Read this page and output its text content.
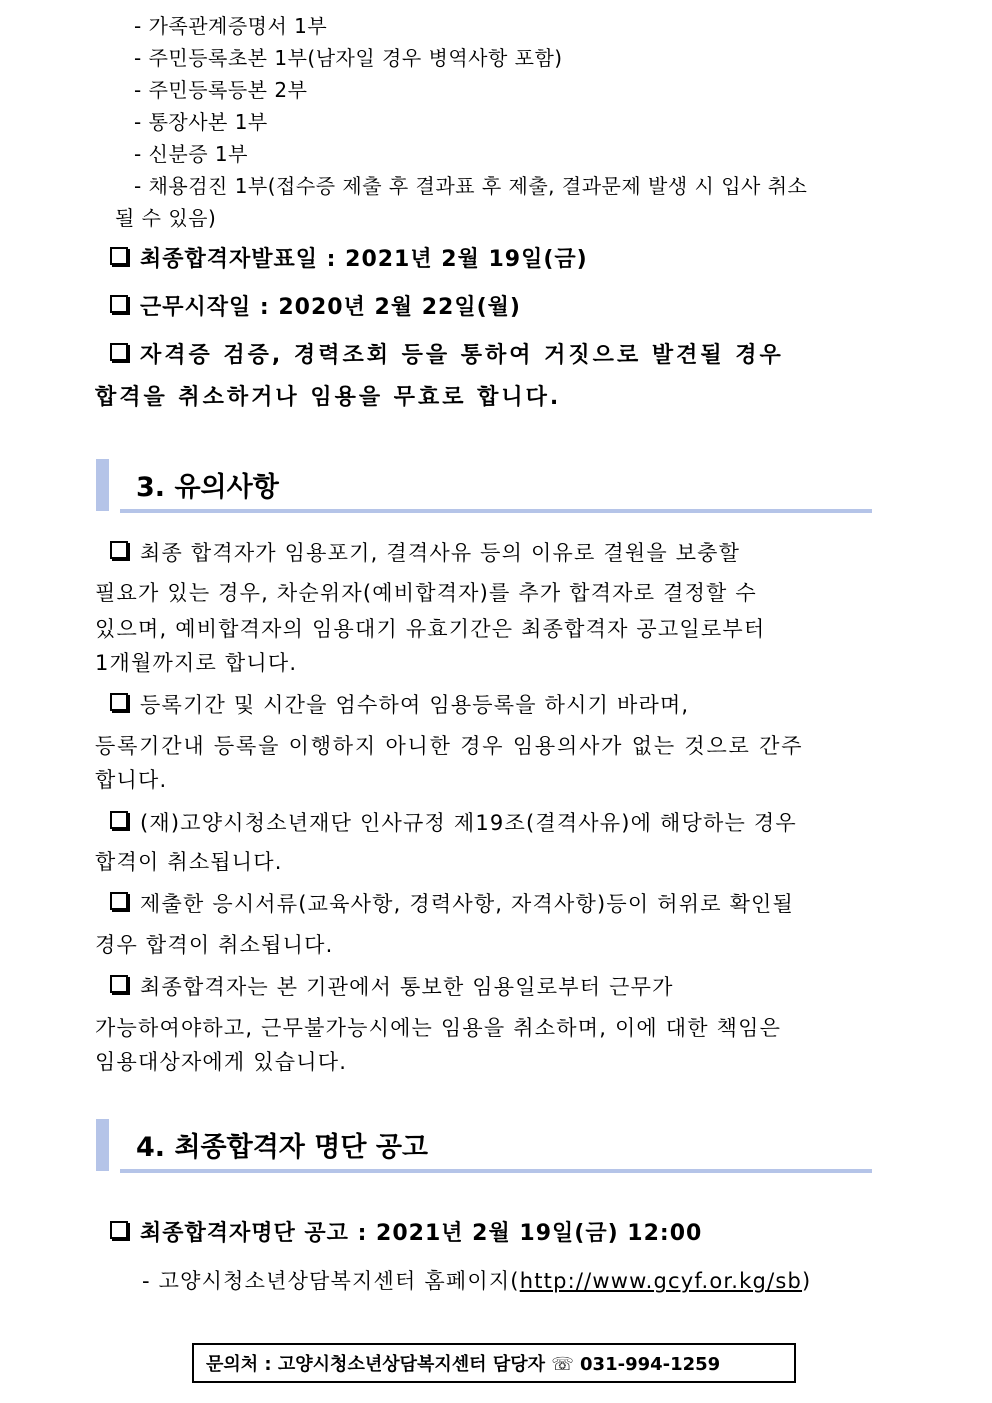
- 가족관계증명서 1부
- 주민등록초본 1부(남자일 경우 병역사항 포함)
- 주민등록등본 2부
- 통장사본 1부
- 신분증 1부
- 채용검진 1부(접수증 제출 후 결과표 후 제출, 결과문제 발생 시 입사 취소
될 수 있음)
최종합격자발표일 : 2021년 2월 19일(금)
근무시작일 : 2020년 2월 22일(월)
자격증 검증, 경력조회 등을 통하여 거짓으로 발견될 경우
합격을 취소하거나 임용을 무효로 합니다.
3. 유의사항
최종 합격자가 임용포기, 결격사유 등의 이유로 결원을 보충할
필요가 있는 경우, 차순위자(예비합격자)를 추가 합격자로 결정할 수
있으며, 예비합격자의 임용대기 유효기간은 최종합격자 공고일로부터
1개월까지로 합니다.
등록기간 및 시간을 엄수하여 임용등록을 하시기 바라며,
등록기간내 등록을 이행하지 아니한 경우 임용의사가 없는 것으로 간주
합니다.
(재)고양시청소년재단 인사규정 제19조(결격사유)에 해당하는 경우
합격이 취소됩니다.
제출한 응시서류(교육사항, 경력사항, 자격사항)등이 허위로 확인될
경우 합격이 취소됩니다.
최종합격자는 본 기관에서 통보한 임용일로부터 근무가
가능하여야하고, 근무불가능시에는 임용을 취소하며, 이에 대한 책임은
임용대상자에게 있습니다.
4. 최종합격자 명단 공고
최종합격자명단 공고 : 2021년 2월 19일(금) 12:00
- 고양시청소년상담복지센터 홈페이지(http://www.gcyf.or.kg/sb)
문의처 : 고양시청소년상담복지센터 담당자 ☏ 031-994-1259
